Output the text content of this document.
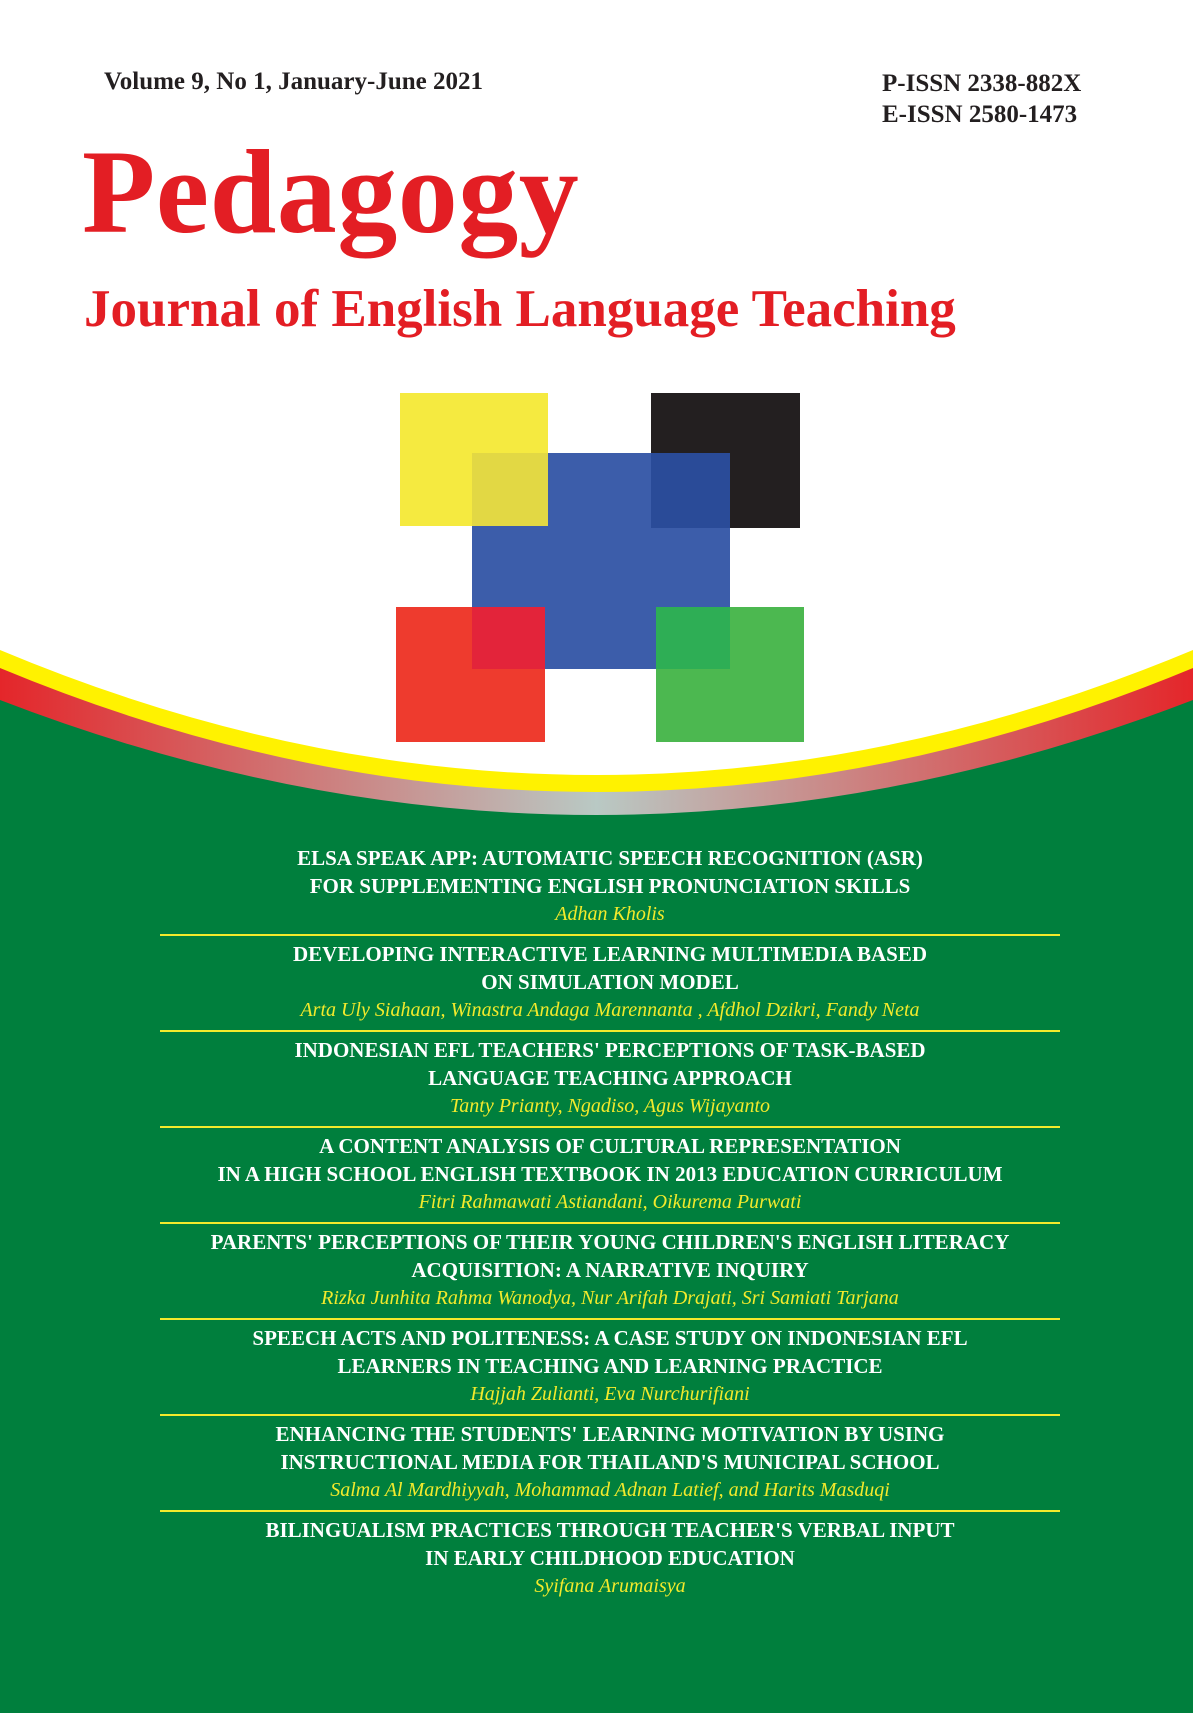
Volume 9, No 1, January-June 2021	P-ISSN 2338-882X
E-ISSN 2580-1473
Pedagogy
Journal of English Language Teaching
ELSA SPEAK APP: AUTOMATIC SPEECH RECOGNITION (ASR)
FOR SUPPLEMENTING ENGLISH PRONUNCIATION SKILLS
Adhan Kholis
DEVELOPING INTERACTIVE LEARNING MULTIMEDIA BASED
ON SIMULATION MODEL
Arta Uly Siahaan, Winastra Andaga Marennanta , Afdhol Dzikri, Fandy Neta
INDONESIAN EFL TEACHERS' PERCEPTIONS OF TASK-BASED
LANGUAGE TEACHING APPROACH
Tanty Prianty, Ngadiso, Agus Wijayanto
A CONTENT ANALYSIS OF CULTURAL REPRESENTATION
IN A HIGH SCHOOL ENGLISH TEXTBOOK IN 2013 EDUCATION CURRICULUM
Fitri Rahmawati Astiandani, Oikurema Purwati
PARENTS' PERCEPTIONS OF THEIR YOUNG CHILDREN'S ENGLISH LITERACY
ACQUISITION: A NARRATIVE INQUIRY
Rizka Junhita Rahma Wanodya, Nur Arifah Drajati, Sri Samiati Tarjana
SPEECH ACTS AND POLITENESS: A CASE STUDY ON INDONESIAN EFL
LEARNERS IN TEACHING AND LEARNING PRACTICE
Hajjah Zulianti, Eva Nurchurifiani
ENHANCING THE STUDENTS' LEARNING MOTIVATION BY USING
INSTRUCTIONAL MEDIA FOR THAILAND'S MUNICIPAL SCHOOL
Salma Al Mardhiyyah, Mohammad Adnan Latief, and Harits Masduqi
BILINGUALISM PRACTICES THROUGH TEACHER'S VERBAL INPUT
IN EARLY CHILDHOOD EDUCATION
Syifana Arumaisya
